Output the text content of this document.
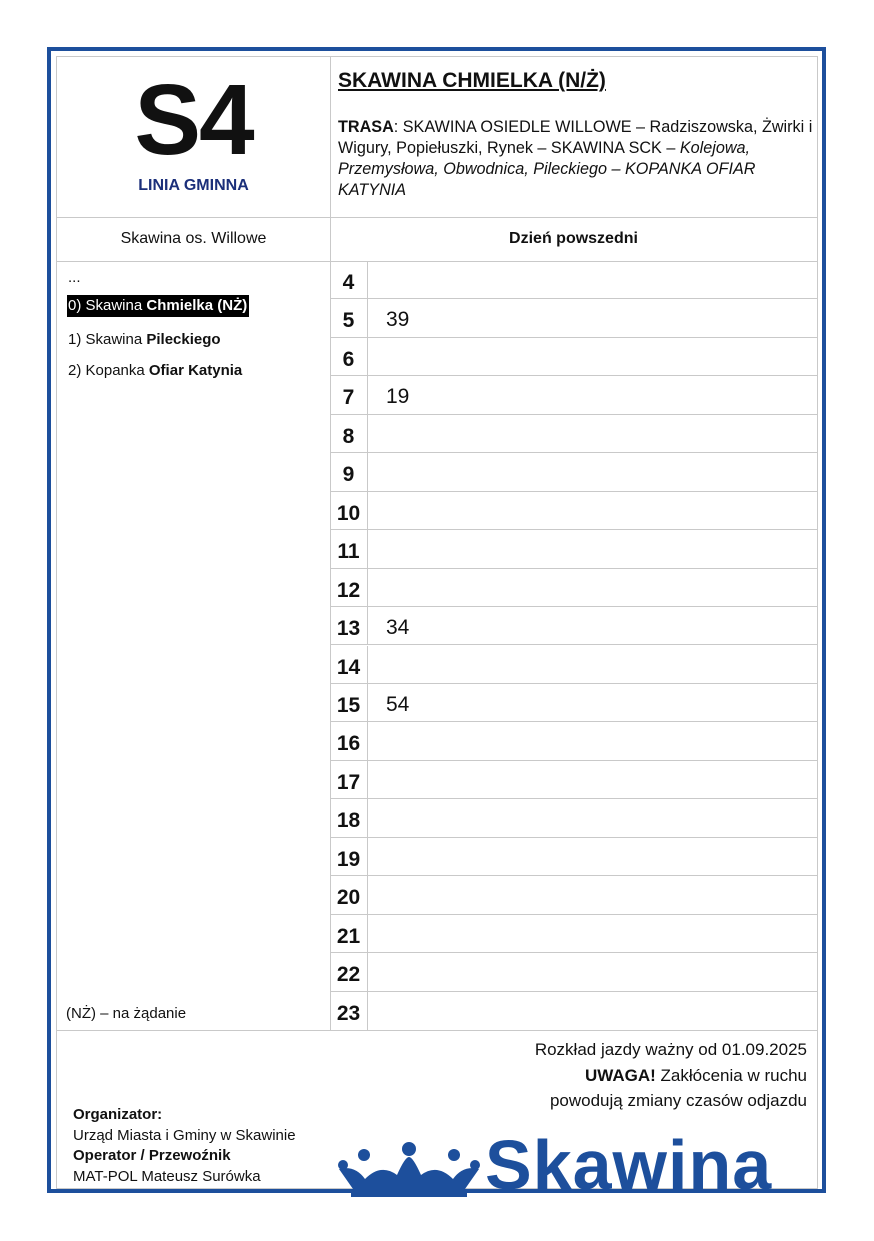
S4
LINIA GMINNA
SKAWINA CHMIELKA (N/Ż)
TRASA: SKAWINA OSIEDLE WILLOWE – Radziszowska, Żwirki i Wigury, Popiełuszki, Rynek – SKAWINA SCK – Kolejowa, Przemysłowa, Obwodnica, Pileckiego – KOPANKA OFIAR KATYNIA
Skawina os. Willowe	Dzień powszedni
...
0) Skawina Chmielka (NŻ)
1) Skawina Pileckiego
2) Kopanka Ofiar Katynia
(NŻ) – na żądanie
4
5	39
6
7	19
8
9
10
11
12
13	34
14
15	54
16
17
18
19
20
21
22
23
Rozkład jazdy ważny od 01.09.2025
UWAGA! Zakłócenia w ruchu
powodują zmiany czasów odjazdu
Organizator:
Urząd Miasta i Gminy w Skawinie
Operator / Przewoźnik
MAT-POL Mateusz Surówka	Skawina
